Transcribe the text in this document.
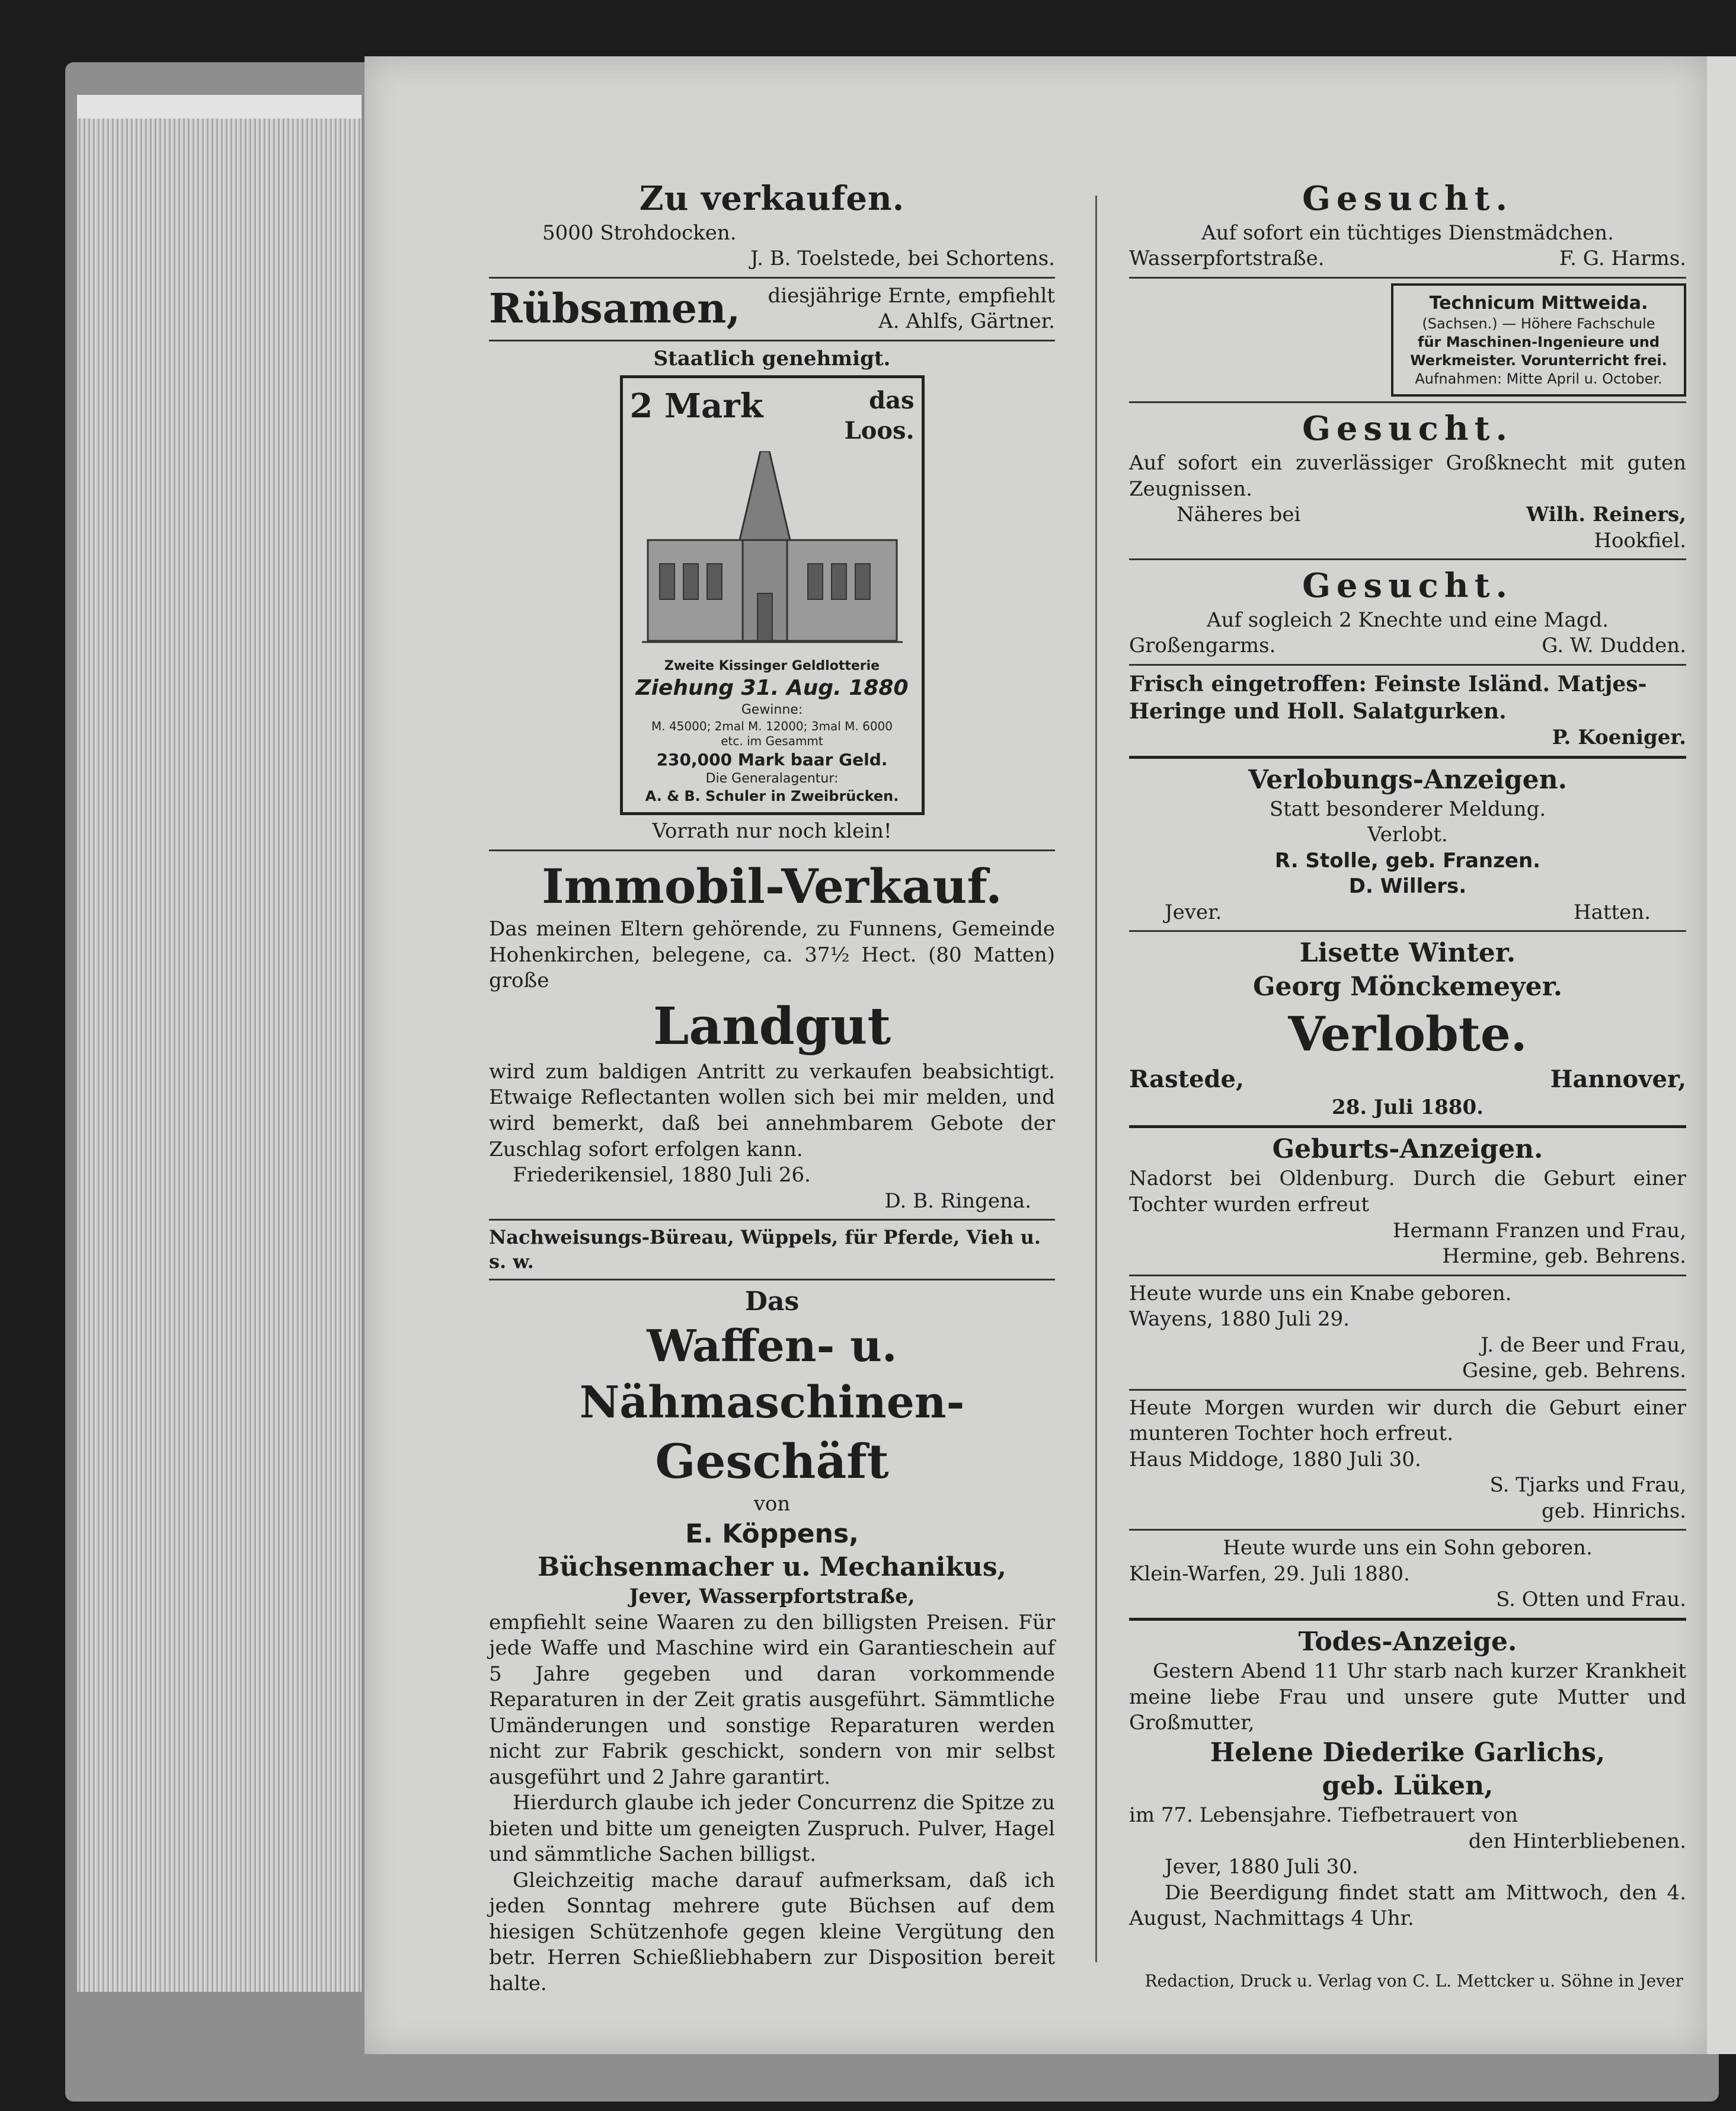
Zu verkaufen.
5000 Strohdocken.
J. B. Toelstede, bei Schortens.
Rübsamen, diesjährige Ernte, empfiehlt
A. Ahlfs, Gärtner.
Staatlich genehmigt.
2 Mark	das
Loos.
Zweite Kissinger Geldlotterie
Ziehung 31. Aug. 1880
Gewinne:
M. 45000; 2mal M. 12000; 3mal M. 6000
etc. im Gesammt
230,000 Mark baar Geld.
Die Generalagentur:
A. & B. Schuler in Zweibrücken.
Vorrath nur noch klein!
Immobil-Verkauf.
Das meinen Eltern gehörende, zu Funnens, Gemeinde Hohenkirchen, belegene, ca. 37½ Hect. (80 Matten) große
Landgut
wird zum baldigen Antritt zu verkaufen beabsichtigt. Etwaige Reflectanten wollen sich bei mir melden, und wird bemerkt, daß bei annehmbarem Gebote der Zuschlag sofort erfolgen kann.
Friederikensiel, 1880 Juli 26.
D. B. Ringena.
Nachweisungs-Büreau, Wüppels, für Pferde, Vieh u. s. w.
Das
Waffen- u. Nähmaschinen-
Geschäft
von
E. Köppens,
Büchsenmacher u. Mechanikus,
Jever, Wasserpfortstraße,
empfiehlt seine Waaren zu den billigsten Preisen. Für jede Waffe und Maschine wird ein Garantieschein auf 5 Jahre gegeben und daran vorkommende Reparaturen in der Zeit gratis ausgeführt. Sämmtliche Umänderungen und sonstige Reparaturen werden nicht zur Fabrik geschickt, sondern von mir selbst ausgeführt und 2 Jahre garantirt.
Hierdurch glaube ich jeder Concurrenz die Spitze zu bieten und bitte um geneigten Zuspruch. Pulver, Hagel und sämmtliche Sachen billigst.
Gleichzeitig mache darauf aufmerksam, daß ich jeden Sonntag mehrere gute Büchsen auf dem hiesigen Schützenhofe gegen kleine Vergütung den betr. Herren Schießliebhabern zur Disposition bereit halte.
Gesucht.
Auf sofort ein tüchtiges Dienstmädchen.
Wasserpfortstraße.	F. G. Harms.
Technicum Mittweida.
(Sachsen.) — Höhere Fachschule
für Maschinen-Ingenieure und
Werkmeister. Vorunterricht frei.
Aufnahmen: Mitte April u. October.
Gesucht.
Auf sofort ein zuverlässiger Großknecht mit guten Zeugnissen.
Näheres bei	Wilh. Reiners,
Hookfiel.
Gesucht.
Auf sogleich 2 Knechte und eine Magd.
Großengarms.	G. W. Dudden.
Frisch eingetroffen: Feinste Isländ. Matjes-Heringe und Holl. Salatgurken.
P. Koeniger.
Verlobungs-Anzeigen.
Statt besonderer Meldung.
Verlobt.
R. Stolle, geb. Franzen.
D. Willers.
Jever.	Hatten.
Lisette Winter.
Georg Mönckemeyer.
Verlobte.
Rastede,	Hannover,
28. Juli 1880.
Geburts-Anzeigen.
Nadorst bei Oldenburg. Durch die Geburt einer Tochter wurden erfreut
Hermann Franzen und Frau,
Hermine, geb. Behrens.
Heute wurde uns ein Knabe geboren.
Wayens, 1880 Juli 29.
J. de Beer und Frau,
Gesine, geb. Behrens.
Heute Morgen wurden wir durch die Geburt einer munteren Tochter hoch erfreut.
Haus Middoge, 1880 Juli 30.
S. Tjarks und Frau,
geb. Hinrichs.
Heute wurde uns ein Sohn geboren.
Klein-Warfen, 29. Juli 1880.
S. Otten und Frau.
Todes-Anzeige.
Gestern Abend 11 Uhr starb nach kurzer Krankheit meine liebe Frau und unsere gute Mutter und Großmutter,
Helene Diederike Garlichs,
geb. Lüken,
im 77. Lebensjahre. Tiefbetrauert von
den Hinterbliebenen.
Jever, 1880 Juli 30.
Die Beerdigung findet statt am Mittwoch, den 4. August, Nachmittags 4 Uhr.
Redaction, Druck u. Verlag von C. L. Mettcker u. Söhne in Jever
